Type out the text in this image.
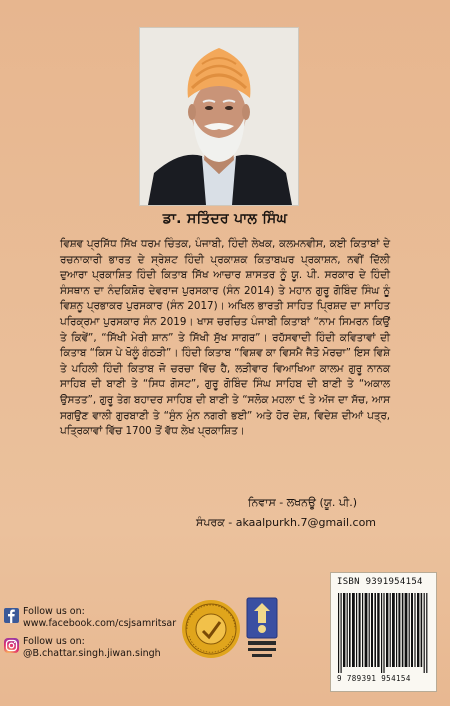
ਡਾ. ਸਤਿੰਦਰ ਪਾਲ ਸਿੰਘ

ਵਿਸ਼ਵ ਪ੍ਰਸਿੱਧ ਸਿੱਖ ਧਰਮ ਚਿੰਤਕ, ਪੰਜਾਬੀ, ਹਿੰਦੀ ਲੇਖਕ, ਕਲਮਨਵੀਸ, ਕਈ ਕਿਤਾਬਾਂ ਦੇ ਰਚਨਾਕਾਰੀ ਭਾਰਤ ਦੇ ਸ੍ਰੇਸ਼ਟ ਹਿੰਦੀ ਪ੍ਰਕਾਸ਼ਕ ਕਿਤਾਬਘਰ ਪ੍ਰਕਾਸ਼ਨ, ਨਵੀਂ ਦਿੱਲੀ ਦੁਆਰਾ ਪ੍ਰਕਾਸ਼ਿਤ ਹਿੰਦੀ ਕਿਤਾਬ ਸਿੱਖ ਆਚਾਰ ਸ਼ਾਸਤਰ ਨੂੰ ਯੂ. ਪੀ. ਸਰਕਾਰ ਦੇ ਹਿੰਦੀ ਸੰਸਥਾਨ ਦਾ ਨੰਦਕਿਸ਼ੋਰ ਦੇਵਰਾਜ ਪੁਰਸਕਾਰ (ਸੰਨ 2014) ਤੇ ਮਹਾਨ ਗੁਰੂ ਗੋਬਿੰਦ ਸਿੰਘ ਨੂੰ ਵਿਸ਼ਨੂ ਪ੍ਰਭਾਕਰ ਪੁਰਸਕਾਰ (ਸੰਨ 2017)। ਅਖਿਲ ਭਾਰਤੀ ਸਾਹਿਤ ਪ੍ਰਿਸ਼ਦ ਦਾ ਸਾਹਿਤ ਪਰਿਕ੍ਰਮਾ ਪੁਰਸਕਾਰ ਸੰਨ 2019। ਖਾਸ ਚਰਚਿਤ ਪੰਜਾਬੀ ਕਿਤਾਬਾਂ “ਨਾਮ ਸਿਮਰਨ ਕਿਉਂ ਤੇ ਕਿਵੇਂ”, “ਸਿੱਖੀ ਮੇਰੀ ਸ਼ਾਨ” ਤੇ ਸਿੱਖੀ ਸੁੱਖ ਸਾਗਰ”। ਰਹੱਸਵਾਦੀ ਹਿੰਦੀ ਕਵਿਤਾਵਾਂ ਦੀ ਕਿਤਾਬ “ਕਿਸ ਪੇ ਖੋਲੂੰ ਗੰਠੜੀ”। ਹਿੰਦੀ ਕਿਤਾਬ “ਵਿਸ਼ਵ ਕਾ ਵਿਸਮੈ ਜੈਤੋ ਮੋਰਚਾ” ਇਸ ਵਿਸ਼ੇ ਤੇ ਪਹਿਲੀ ਹਿੰਦੀ ਕਿਤਾਬ ਜੋ ਚਰਚਾ ਵਿੱਚ ਹੈ, ਲੜੀਵਾਰ ਵਿਆਖਿਆ ਕਾਲਮ ਗੁਰੂ ਨਾਨਕ ਸਾਹਿਬ ਦੀ ਬਾਣੀ ਤੇ “ਸਿਧ ਗੋਸਟ”, ਗੁਰੂ ਗੋਬਿੰਦ ਸਿੰਘ ਸਾਹਿਬ ਦੀ ਬਾਣੀ ਤੇ “ਅਕਾਲ ਉਸਤਤ”, ਗੁਰੂ ਤੇਗ ਬਹਾਦਰ ਸਾਹਿਬ ਦੀ ਬਾਣੀ ਤੇ “ਸਲੋਕ ਮਹਲਾ ੯ ਤੇ ਅੱਜ ਦਾ ਸੱਚ, ਆਸ ਸਗਉਣ ਵਾਲੀ ਗੁਰਬਾਣੀ ਤੇ “ਸੁੰਨ ਮੁੰਨ ਨਗਰੀ ਭਈ” ਅਤੇ ਹੋਰ ਦੇਸ਼, ਵਿਦੇਸ਼ ਦੀਆਂ ਪਤ੍ਰ, ਪਤ੍ਰਿਕਾਵਾਂ ਵਿੱਚ 1700 ਤੋਂ ਵੱਧ ਲੇਖ ਪ੍ਰਕਾਸ਼ਿਤ।

ਨਿਵਾਸ - ਲਖਨਊ (ਯੂ. ਪੀ.)
ਸੰਪਰਕ - akaalpurkh.7@gmail.com
Follow us on:
www.facebook.com/csjsamritsar
Follow us on:
@B.chattar.singh.jiwan.singh
ISBN 9391954154
9 789391 954154
